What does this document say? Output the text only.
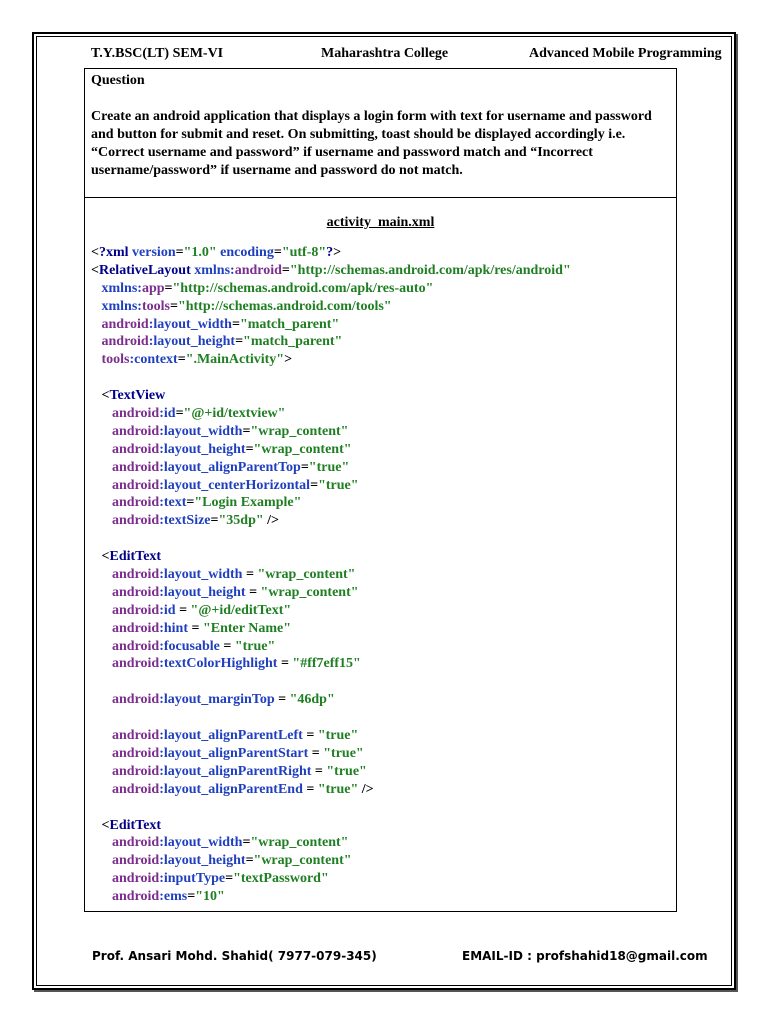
T.Y.BSC(LT) SEM-VI	Maharashtra College	Advanced Mobile Programming
Question
Create an android application that displays a login form with text for username and password and button for submit and reset. On submitting, toast should be displayed accordingly i.e. “Correct username and password” if username and password match and “Incorrect username/password” if username and password do not match.
activity_main.xml
<?xml version="1.0" encoding="utf-8"?>
<RelativeLayout xmlns:android="http://schemas.android.com/apk/res/android"
xmlns:app="http://schemas.android.com/apk/res-auto"
xmlns:tools="http://schemas.android.com/tools"
android:layout_width="match_parent"
android:layout_height="match_parent"
tools:context=".MainActivity">

<TextView
android:id="@+id/textview"
android:layout_width="wrap_content"
android:layout_height="wrap_content"
android:layout_alignParentTop="true"
android:layout_centerHorizontal="true"
android:text="Login Example"
android:textSize="35dp" />

<EditText
android:layout_width = "wrap_content"
android:layout_height = "wrap_content"
android:id = "@+id/editText"
android:hint = "Enter Name"
android:focusable = "true"
android:textColorHighlight = "#ff7eff15"

android:layout_marginTop = "46dp"

android:layout_alignParentLeft = "true"
android:layout_alignParentStart = "true"
android:layout_alignParentRight = "true"
android:layout_alignParentEnd = "true" />

<EditText
android:layout_width="wrap_content"
android:layout_height="wrap_content"
android:inputType="textPassword"
android:ems="10"
Prof. Ansari Mohd. Shahid( 7977-079-345)	EMAIL-ID : profshahid18@gmail.com
